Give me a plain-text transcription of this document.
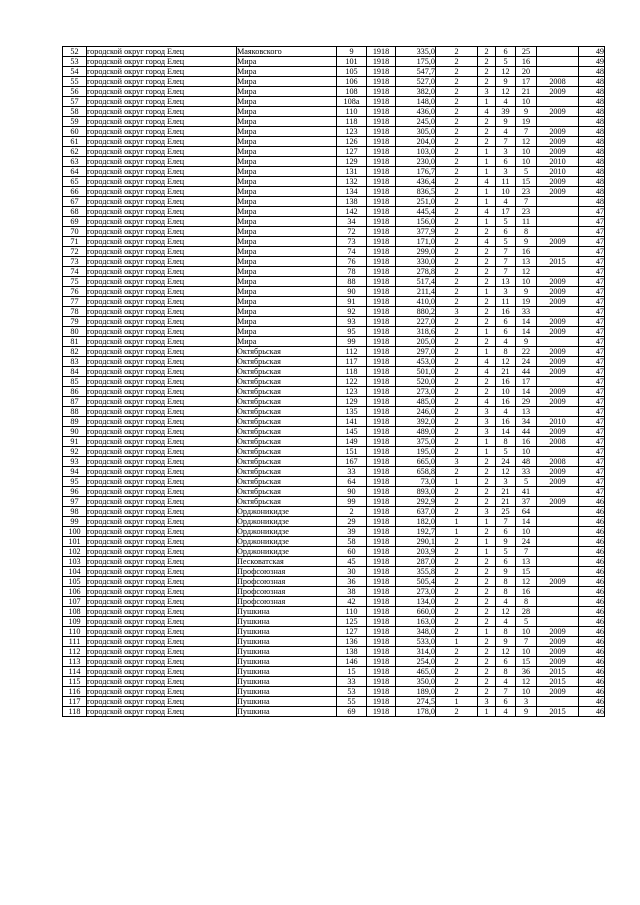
52	городской округ город Елец	Маяковского	9	1918	335,0	2	2	6	25		49
53	городской округ город Елец	Мира	101	1918	175,0	2	2	5	16		49
54	городской округ город Елец	Мира	105	1918	547,7	2	2	12	20		48
55	городской округ город Елец	Мира	106	1918	527,0	2	2	9	17	2008	48
56	городской округ город Елец	Мира	108	1918	382,0	2	3	12	21	2009	48
57	городской округ город Елец	Мира	108а	1918	148,0	2	1	4	10		48
58	городской округ город Елец	Мира	110	1918	436,0	2	4	39	9	2009	48
59	городской округ город Елец	Мира	118	1918	245,0	2	2	9	19		48
60	городской округ город Елец	Мира	123	1918	305,0	2	2	4	7	2009	48
61	городской округ город Елец	Мира	126	1918	204,0	2	2	7	12	2009	48
62	городской округ город Елец	Мира	127	1918	103,0	2	1	3	10	2009	48
63	городской округ город Елец	Мира	129	1918	230,0	2	1	6	10	2010	48
64	городской округ город Елец	Мира	131	1918	176,7	2	1	3	5	2010	48
65	городской округ город Елец	Мира	132	1918	436,4	2	4	11	15	2009	48
66	городской округ город Елец	Мира	134	1918	836,5	2	1	10	23	2009	48
67	городской округ город Елец	Мира	138	1918	251,0	2	1	4	7		48
68	городской округ город Елец	Мира	142	1918	445,4	2	4	17	23		47
69	городской округ город Елец	Мира	34	1918	156,0	2	1	5	11		47
70	городской округ город Елец	Мира	72	1918	377,9	2	2	6	8		47
71	городской округ город Елец	Мира	73	1918	171,0	2	4	5	9	2009	47
72	городской округ город Елец	Мира	74	1918	299,0	2	2	7	16		47
73	городской округ город Елец	Мира	76	1918	330,0	2	2	7	13	2015	47
74	городской округ город Елец	Мира	78	1918	278,8	2	2	7	12		47
75	городской округ город Елец	Мира	88	1918	517,4	2	2	13	10	2009	47
76	городской округ город Елец	Мира	90	1918	211,4	2	1	3	9	2009	47
77	городской округ город Елец	Мира	91	1918	410,0	2	2	11	19	2009	47
78	городской округ город Елец	Мира	92	1918	880,2	3	2	16	33		47
79	городской округ город Елец	Мира	93	1918	227,0	2	2	6	14	2009	47
80	городской округ город Елец	Мира	95	1918	318,6	2	1	6	14	2009	47
81	городской округ город Елец	Мира	99	1918	205,0	2	2	4	9		47
82	городской округ город Елец	Октябрьская	112	1918	297,0	2	1	8	22	2009	47
83	городской округ город Елец	Октябрьская	117	1918	453,0	2	4	12	24	2009	47
84	городской округ город Елец	Октябрьская	118	1918	501,0	2	4	21	44	2009	47
85	городской округ город Елец	Октябрьская	122	1918	520,0	2	2	16	17		47
86	городской округ город Елец	Октябрьская	123	1918	273,0	2	2	10	14	2009	47
87	городской округ город Елец	Октябрьская	129	1918	485,0	2	4	16	29	2009	47
88	городской округ город Елец	Октябрьская	135	1918	246,0	2	3	4	13		47
89	городской округ город Елец	Октябрьская	141	1918	392,0	2	3	16	34	2010	47
90	городской округ город Елец	Октябрьская	145	1918	489,0	2	3	14	44	2009	47
91	городской округ город Елец	Октябрьская	149	1918	375,0	2	1	8	16	2008	47
92	городской округ город Елец	Октябрьская	151	1918	195,0	2	1	5	10		47
93	городской округ город Елец	Октябрьская	167	1918	665,0	3	2	24	48	2008	47
94	городской округ город Елец	Октябрьская	33	1918	658,8	2	2	12	33	2009	47
95	городской округ город Елец	Октябрьская	64	1918	73,0	1	2	3	5	2009	47
96	городской округ город Елец	Октябрьская	90	1918	893,0	2	2	21	41		47
97	городской округ город Елец	Октябрьская	99	1918	292,9	2	2	21	37	2009	46
98	городской округ город Елец	Орджоникидзе	2	1918	637,0	2	3	25	64		46
99	городской округ город Елец	Орджоникидзе	29	1918	182,0	1	1	7	14		46
100	городской округ город Елец	Орджоникидзе	39	1918	192,7	1	2	6	10		46
101	городской округ город Елец	Орджоникидзе	58	1918	290,1	2	1	9	24		46
102	городской округ город Елец	Орджоникидзе	60	1918	203,9	2	1	5	7		46
103	городской округ город Елец	Песковатская	45	1918	287,0	2	2	6	13		46
104	городской округ город Елец	Профсоюзная	30	1918	355,8	2	2	9	15		46
105	городской округ город Елец	Профсоюзная	36	1918	505,4	2	2	8	12	2009	46
106	городской округ город Елец	Профсоюзная	38	1918	273,0	2	2	8	16		46
107	городской округ город Елец	Профсоюзная	42	1918	134,0	2	2	4	8		46
108	городской округ город Елец	Пушкина	110	1918	660,0	2	2	12	28		46
109	городской округ город Елец	Пушкина	125	1918	163,0	2	2	4	5		46
110	городской округ город Елец	Пушкина	127	1918	348,0	2	1	8	10	2009	46
111	городской округ город Елец	Пушкина	136	1918	533,0	1	2	9	7	2009	46
112	городской округ город Елец	Пушкина	138	1918	314,0	2	2	12	10	2009	46
113	городской округ город Елец	Пушкина	146	1918	254,0	2	2	6	15	2009	46
114	городской округ город Елец	Пушкина	15	1918	465,0	2	2	8	36	2015	46
115	городской округ город Елец	Пушкина	33	1918	350,0	2	2	4	12	2015	46
116	городской округ город Елец	Пушкина	53	1918	189,0	2	2	7	10	2009	46
117	городской округ город Елец	Пушкина	55	1918	274,5	1	3	6	3		46
118	городской округ город Елец	Пушкина	69	1918	178,0	2	1	4	9	2015	46
